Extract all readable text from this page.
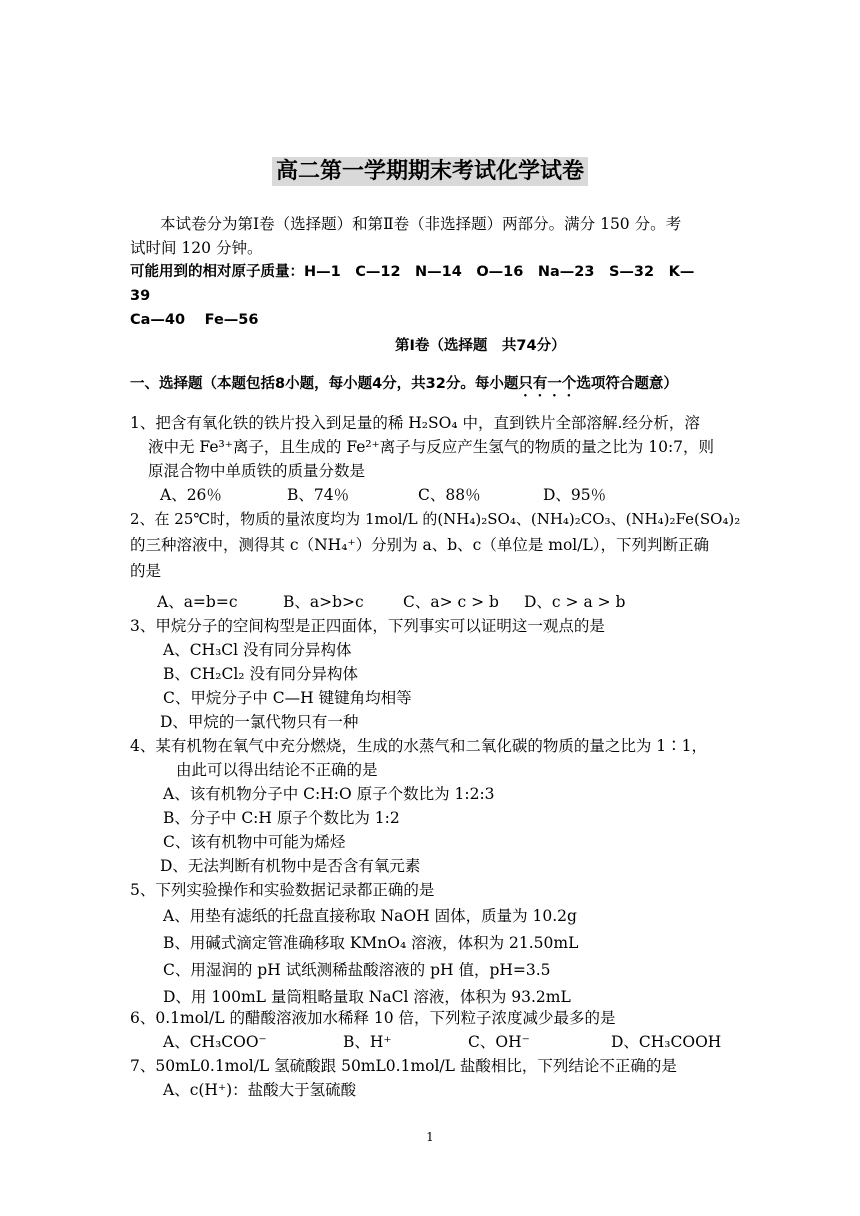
高二第一学期期末考试化学试卷
本试卷分为第Ⅰ卷（选择题）和第Ⅱ卷（非选择题）两部分。满分 150 分。考
试时间 120 分钟。
可能用到的相对原子质量：H—1　C—12　N—14　O—16　Na—23　S—32　K—
39
Ca—40　 Fe—56
第Ⅰ卷（选择题　共74分）
一、选择题（本题包括8小题，每小题4分，共32分。每小题只有一个选项符合题意）
1、把含有氧化铁的铁片投入到足量的稀 H₂SO₄ 中，直到铁片全部溶解.经分析，溶
液中无 Fe³⁺离子，且生成的 Fe²⁺离子与反应产生氢气的物质的量之比为 10:7，则
原混合物中单质铁的质量分数是
A、26％	B、74％	C、88％	D、95％
2、在 25℃时，物质的量浓度均为 1mol/L 的(NH₄)₂SO₄、(NH₄)₂CO₃、(NH₄)₂Fe(SO₄)₂
的三种溶液中，测得其 c（NH₄⁺）分别为 a、b、c（单位是 mol/L），下列判断正确
的是
A、a=b=c	B、a>b>c	C、a> c > b D、c > a > b
3、甲烷分子的空间构型是正四面体，下列事实可以证明这一观点的是
A、CH₃Cl 没有同分异构体
B、CH₂Cl₂ 没有同分异构体
C、甲烷分子中 C—H 键键角均相等
D、甲烷的一氯代物只有一种
4、某有机物在氧气中充分燃烧，生成的水蒸气和二氧化碳的物质的量之比为 1∶1，
由此可以得出结论不正确的是
A、该有机物分子中 C:H:O 原子个数比为 1:2:3
B、分子中 C:H 原子个数比为 1:2
C、该有机物中可能为烯烃
D、无法判断有机物中是否含有氧元素
5、下列实验操作和实验数据记录都正确的是
A、用垫有滤纸的托盘直接称取 NaOH 固体，质量为 10.2g
B、用碱式滴定管准确移取 KMnO₄ 溶液，体积为 21.50mL
C、用湿润的 pH 试纸测稀盐酸溶液的 pH 值，pH=3.5
D、用 100mL 量筒粗略量取 NaCl 溶液，体积为 93.2mL
6、0.1mol/L 的醋酸溶液加水稀释 10 倍，下列粒子浓度减少最多的是
A、CH₃COO⁻	B、H⁺	C、OH⁻	D、CH₃COOH
7、50mL0.1mol/L 氢硫酸跟 50mL0.1mol/L 盐酸相比，下列结论不正确的是
A、c(H⁺)：盐酸大于氢硫酸
1
